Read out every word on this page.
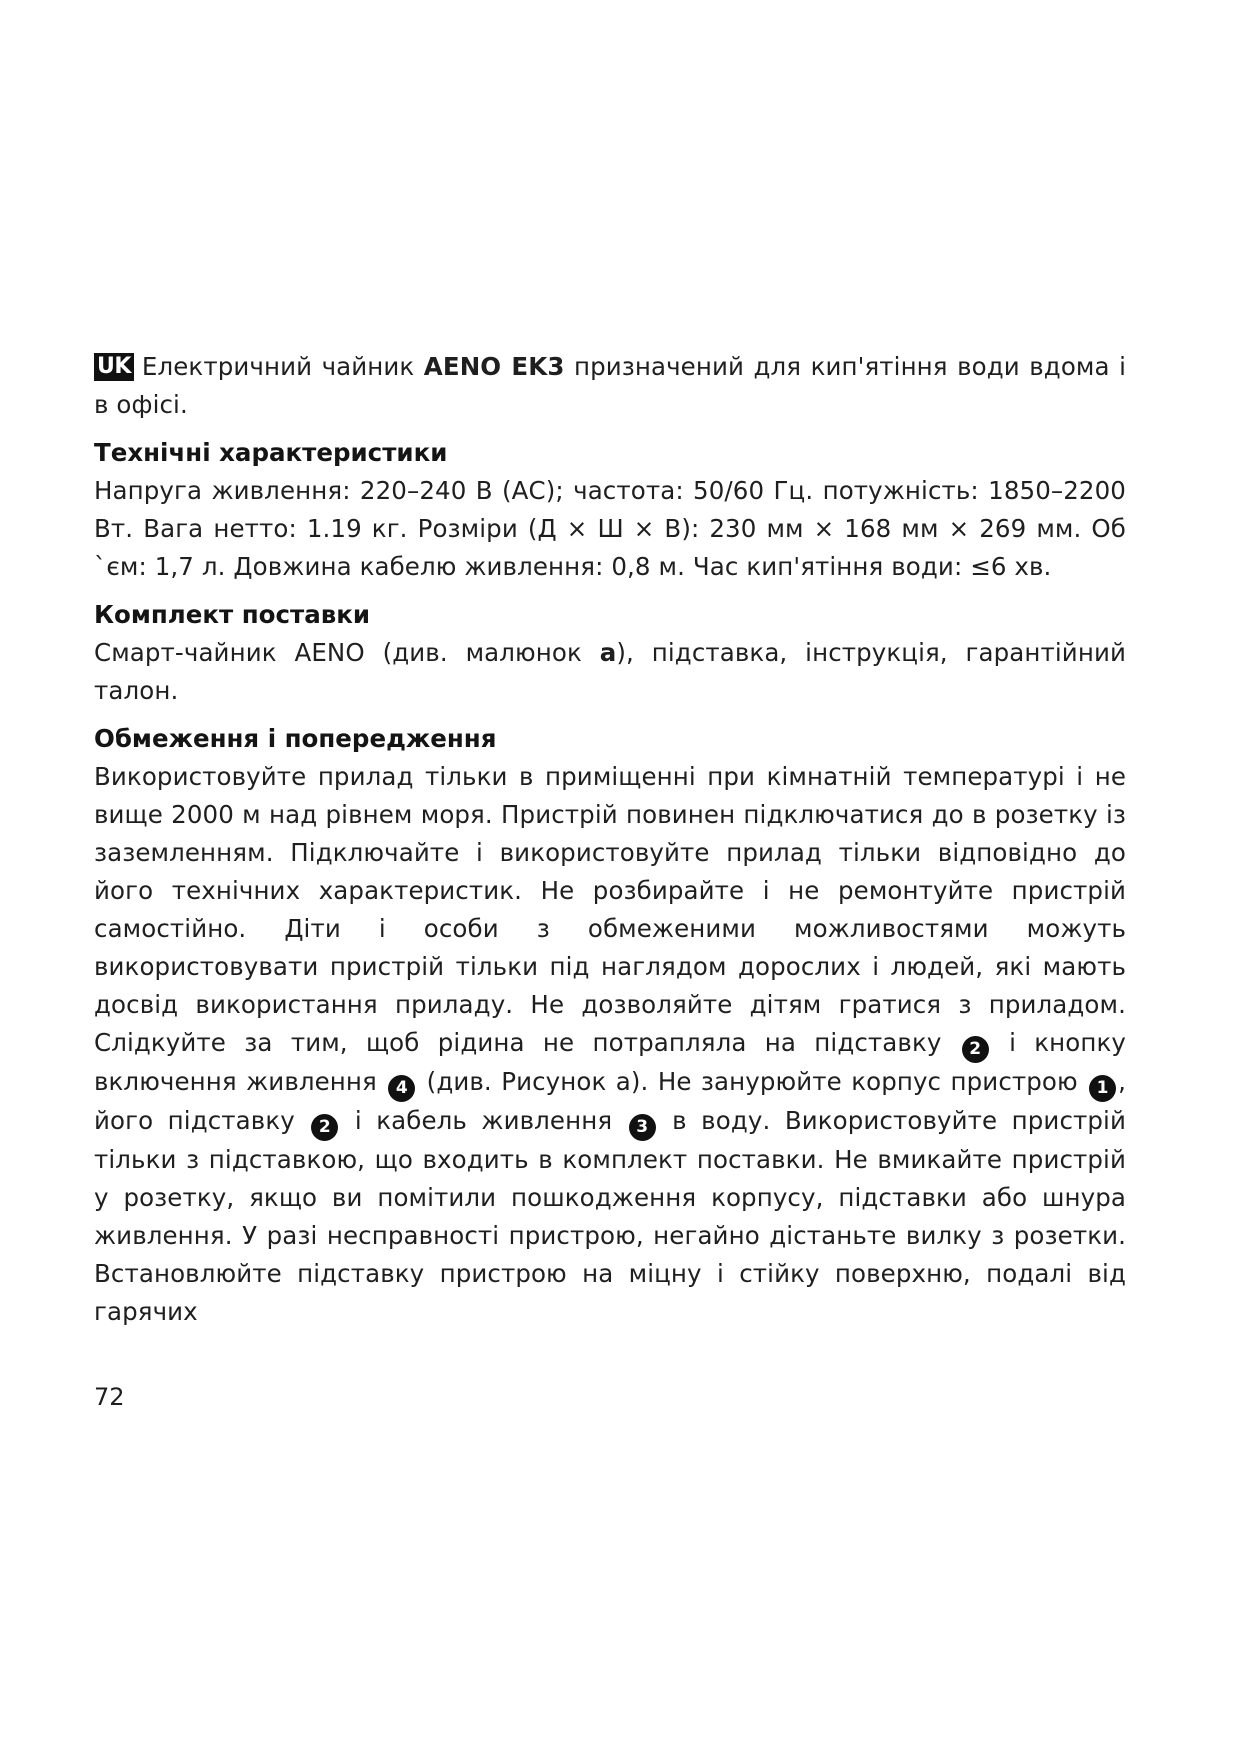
UK Електричний чайник AENO EK3 призначений для кип'ятіння води вдома і в офісі.

Технічні характеристики

Напруга живлення: 220–240 В (АС); частота: 50/60 Гц. потужність: 1850–2200 Вт. Вага нетто: 1.19 кг. Розміри (Д × Ш × В): 230 мм × 168 мм × 269 мм. Об `єм: 1,7 л. Довжина кабелю живлення: 0,8 м. Час кип'ятіння води: ≤6 хв.

Комплект поставки

Смарт-чайник AENO (див. малюнок a), підставка, інструкція, гарантійний талон.

Обмеження і попередження

Використовуйте прилад тільки в приміщенні при кімнатній температурі і не вище 2000 м над рівнем моря. Пристрій повинен підключатися до в розетку із заземленням. Підключайте і використовуйте прилад тільки відповідно до його технічних характеристик. Не розбирайте і не ремонтуйте пристрій самостійно. Діти і особи з обмеженими можливостями можуть використовувати пристрій тільки під наглядом дорослих і людей, які мають досвід використання приладу. Не дозволяйте дітям гратися з приладом. Слідкуйте за тим, щоб рідина не потрапляла на підставку 2 і кнопку включення живлення 4 (див. Рисунок а). Не занурюйте корпус пристрою 1 , його підставку 2 і кабель живлення 3 в воду. Використовуйте пристрій тільки з підставкою, що входить в комплект поставки. Не вмикайте пристрій у розетку, якщо ви помітили пошкодження корпусу, підставки або шнура живлення. У разі несправності пристрою, негайно дістаньте вилку з розетки. Встановлюйте підставку пристрою на міцну і стійку поверхню, подалі від гарячих

72
